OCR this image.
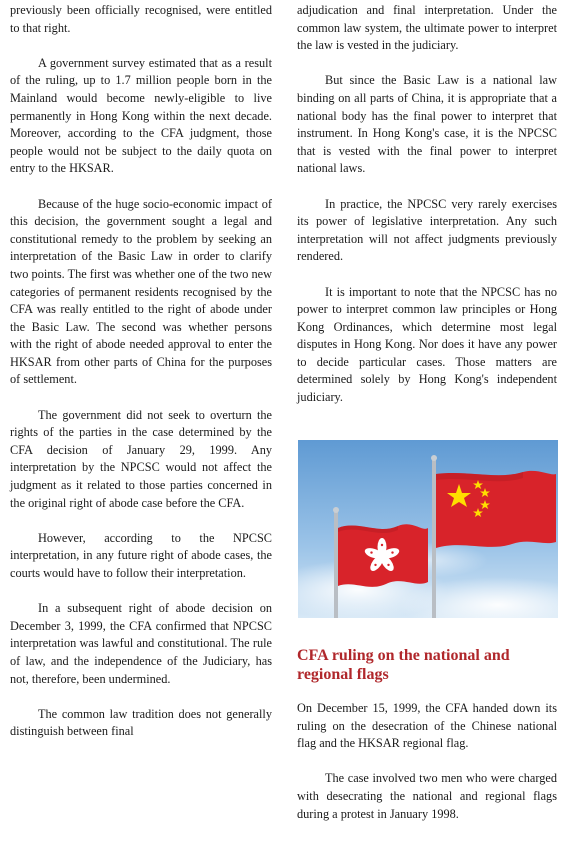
previously been officially recognised, were entitled to that right.

A government survey estimated that as a result of the ruling, up to 1.7 million people born in the Mainland would become newly-eligible to live permanently in Hong Kong within the next decade. Moreover, according to the CFA judgment, those people would not be subject to the daily quota on entry to the HKSAR.

Because of the huge socio-economic impact of this decision, the government sought a legal and constitutional remedy to the problem by seeking an interpretation of the Basic Law in order to clarify two points. The first was whether one of the two new categories of permanent residents recognised by the CFA was really entitled to the right of abode under the Basic Law. The second was whether persons with the right of abode needed approval to enter the HKSAR from other parts of China for the purposes of settlement.

The government did not seek to overturn the rights of the parties in the case determined by the CFA decision of January 29, 1999. Any interpretation by the NPCSC would not affect the judgment as it related to those parties concerned in the original right of abode case before the CFA.

However, according to the NPCSC interpretation, in any future right of abode cases, the courts would have to follow their interpretation.

In a subsequent right of abode decision on December 3, 1999, the CFA confirmed that NPCSC interpretation was lawful and constitutional. The rule of law, and the independence of the Judiciary, has not, therefore, been undermined.

The common law tradition does not generally distinguish between final

adjudication and final interpretation. Under the common law system, the ultimate power to interpret the law is vested in the judiciary.

But since the Basic Law is a national law binding on all parts of China, it is appropriate that a national body has the final power to interpret that instrument. In Hong Kong's case, it is the NPCSC that is vested with the final power to interpret national laws.

In practice, the NPCSC very rarely exercises its power of legislative interpretation. Any such interpretation will not affect judgments previously rendered.

It is important to note that the NPCSC has no power to interpret common law principles or Hong Kong Ordinances, which determine most legal disputes in Hong Kong. Nor does it have any power to decide particular cases. Those matters are determined solely by Hong Kong's independent judiciary.

CFA ruling on the national and regional flags

On December 15, 1999, the CFA handed down its ruling on the desecration of the Chinese national flag and the HKSAR regional flag.

The case involved two men who were charged with desecrating the national and regional flags during a protest in January 1998.
